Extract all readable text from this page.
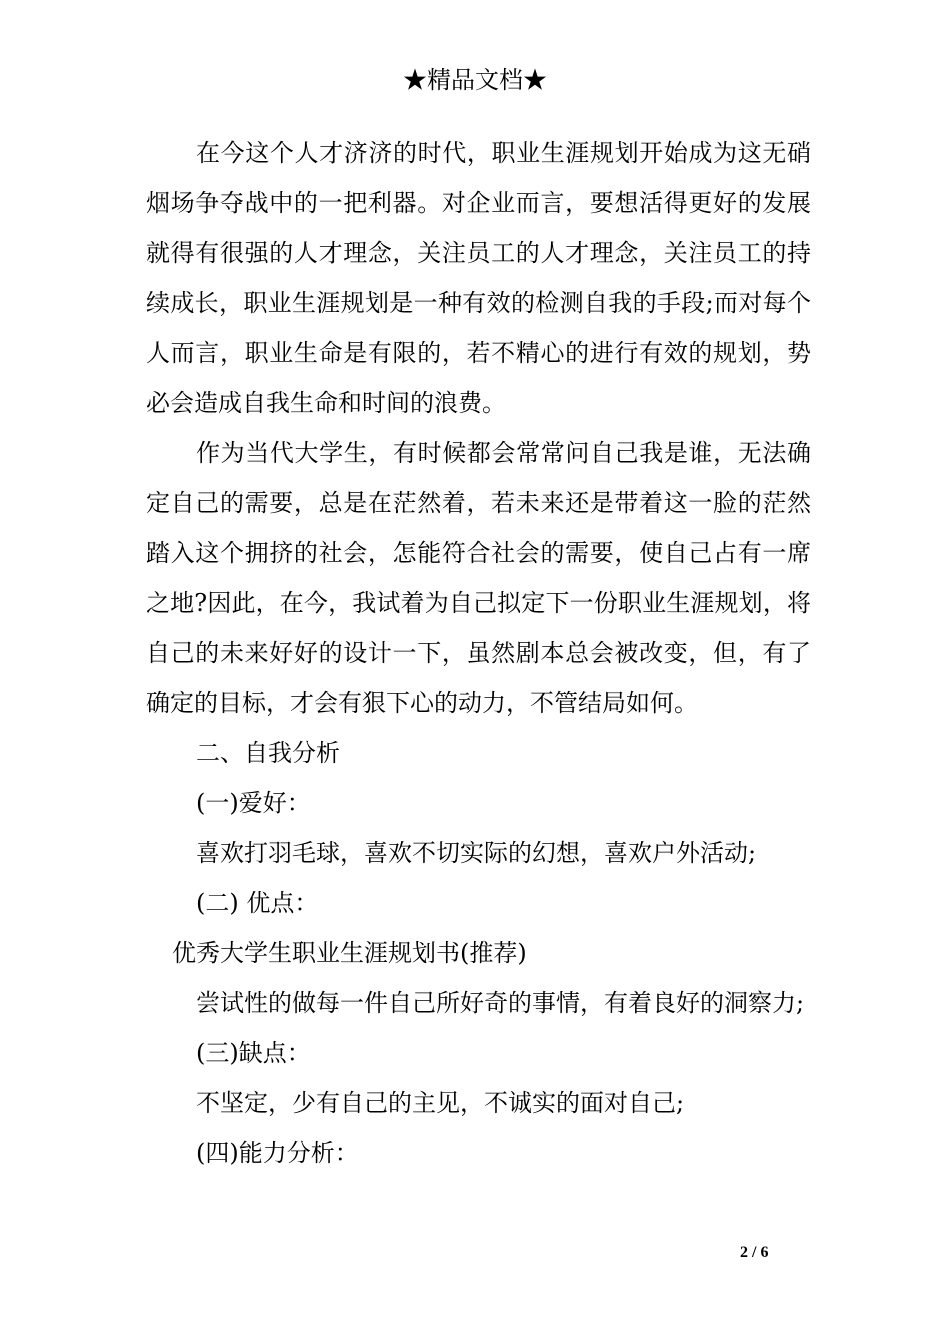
★精品文档★

在今这个人才济济的时代，职业生涯规划开始成为这无硝烟场争夺战中的一把利器。对企业而言，要想活得更好的发展就得有很强的人才理念，关注员工的人才理念，关注员工的持续成长，职业生涯规划是一种有效的检测自我的手段;而对每个人而言，职业生命是有限的，若不精心的进行有效的规划，势必会造成自我生命和时间的浪费。

作为当代大学生，有时候都会常常问自己我是谁，无法确定自己的需要，总是在茫然着，若未来还是带着这一脸的茫然踏入这个拥挤的社会，怎能符合社会的需要，使自己占有一席之地?因此，在今，我试着为自己拟定下一份职业生涯规划，将自己的未来好好的设计一下，虽然剧本总会被改变，但，有了确定的目标，才会有狠下心的动力，不管结局如何。

二、自我分析

(一)爱好：

喜欢打羽毛球，喜欢不切实际的幻想，喜欢户外活动;

(二) 优点：

优秀大学生职业生涯规划书(推荐)

尝试性的做每一件自己所好奇的事情，有着良好的洞察力;

(三)缺点：

不坚定，少有自己的主见，不诚实的面对自己;

(四)能力分析：

2 / 6
